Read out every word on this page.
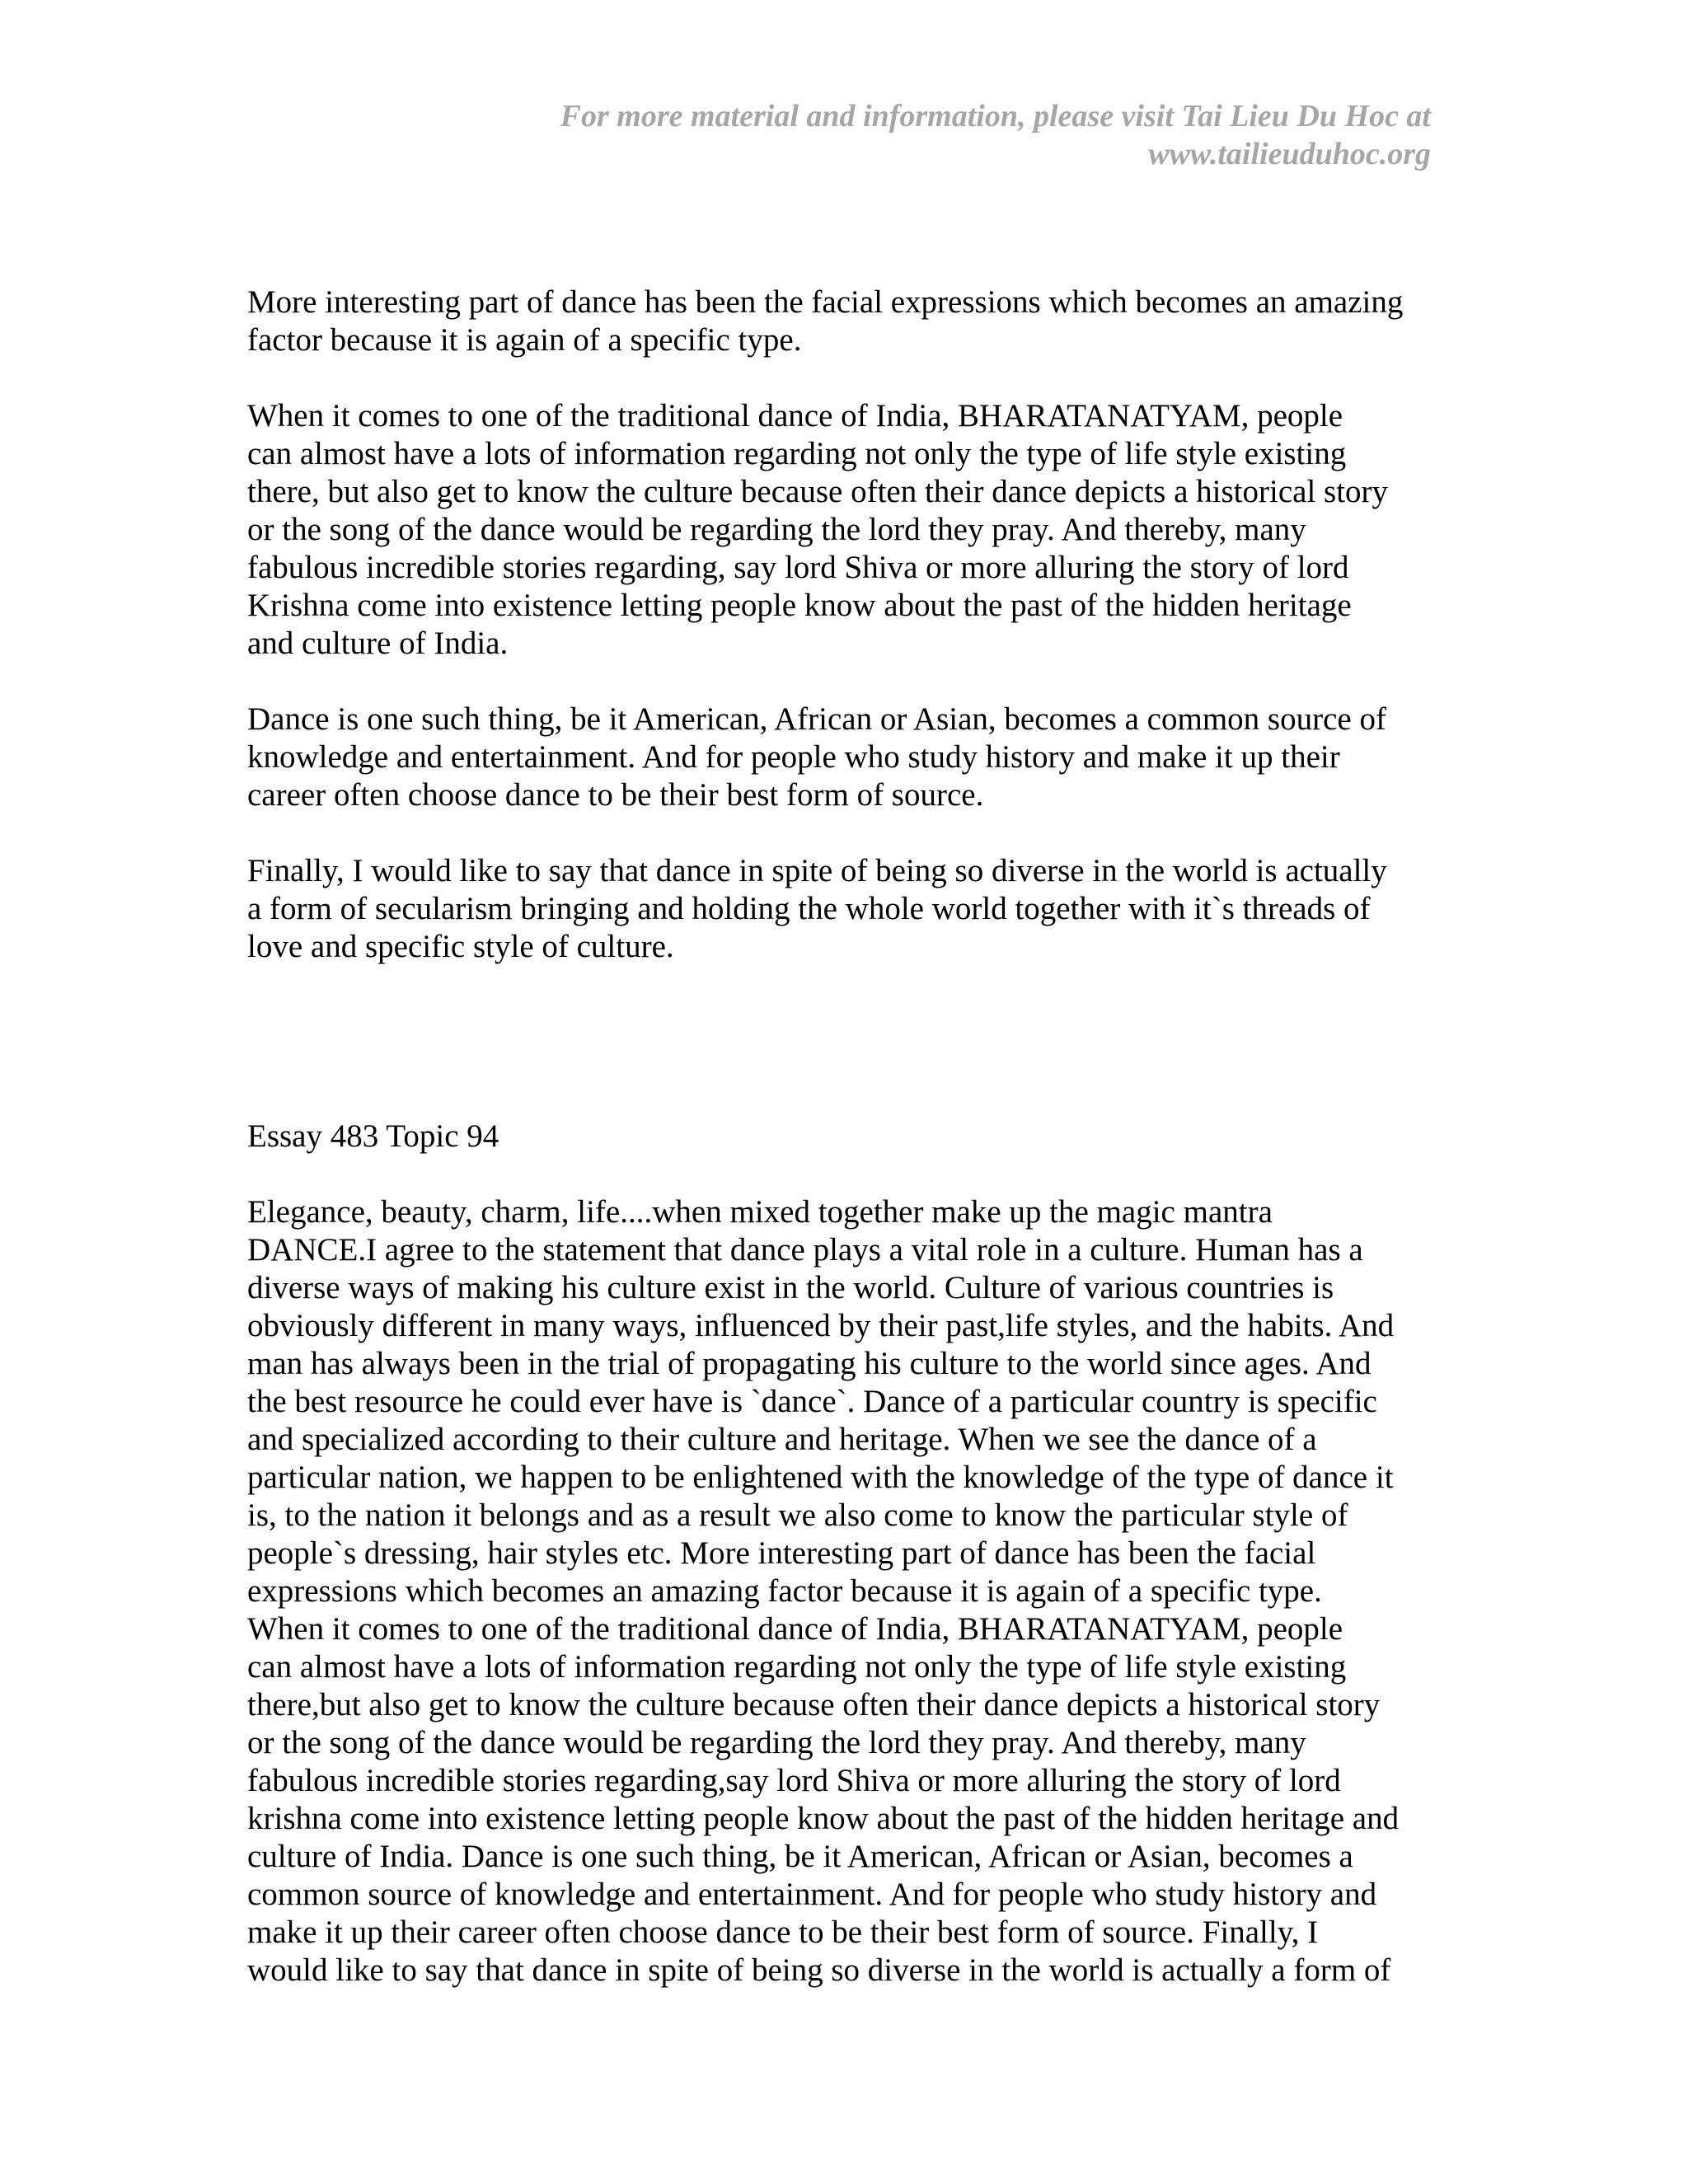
For more material and information, please visit Tai Lieu Du Hoc at
www.tailieuduhoc.org
More interesting part of dance has been the facial expressions which becomes an amazing
factor because it is again of a specific type.
When it comes to one of the traditional dance of India, BHARATANATYAM, people
can almost have a lots of information regarding not only the type of life style existing
there, but also get to know the culture because often their dance depicts a historical story
or the song of the dance would be regarding the lord they pray. And thereby, many
fabulous incredible stories regarding, say lord Shiva or more alluring the story of lord
Krishna come into existence letting people know about the past of the hidden heritage
and culture of India.
Dance is one such thing, be it American, African or Asian, becomes a common source of
knowledge and entertainment. And for people who study history and make it up their
career often choose dance to be their best form of source.
Finally, I would like to say that dance in spite of being so diverse in the world is actually
a form of secularism bringing and holding the whole world together with it`s threads of
love and specific style of culture.
Essay 483 Topic 94
Elegance, beauty, charm, life....when mixed together make up the magic mantra
DANCE.I agree to the statement that dance plays a vital role in a culture. Human has a
diverse ways of making his culture exist in the world. Culture of various countries is
obviously different in many ways, influenced by their past,life styles, and the habits. And
man has always been in the trial of propagating his culture to the world since ages. And
the best resource he could ever have is `dance`. Dance of a particular country is specific
and specialized according to their culture and heritage. When we see the dance of a
particular nation, we happen to be enlightened with the knowledge of the type of dance it
is, to the nation it belongs and as a result we also come to know the particular style of
people`s dressing, hair styles etc. More interesting part of dance has been the facial
expressions which becomes an amazing factor because it is again of a specific type.
When it comes to one of the traditional dance of India, BHARATANATYAM, people
can almost have a lots of information regarding not only the type of life style existing
there,but also get to know the culture because often their dance depicts a historical story
or the song of the dance would be regarding the lord they pray. And thereby, many
fabulous incredible stories regarding,say lord Shiva or more alluring the story of lord
krishna come into existence letting people know about the past of the hidden heritage and
culture of India. Dance is one such thing, be it American, African or Asian, becomes a
common source of knowledge and entertainment. And for people who study history and
make it up their career often choose dance to be their best form of source. Finally, I
would like to say that dance in spite of being so diverse in the world is actually a form of
